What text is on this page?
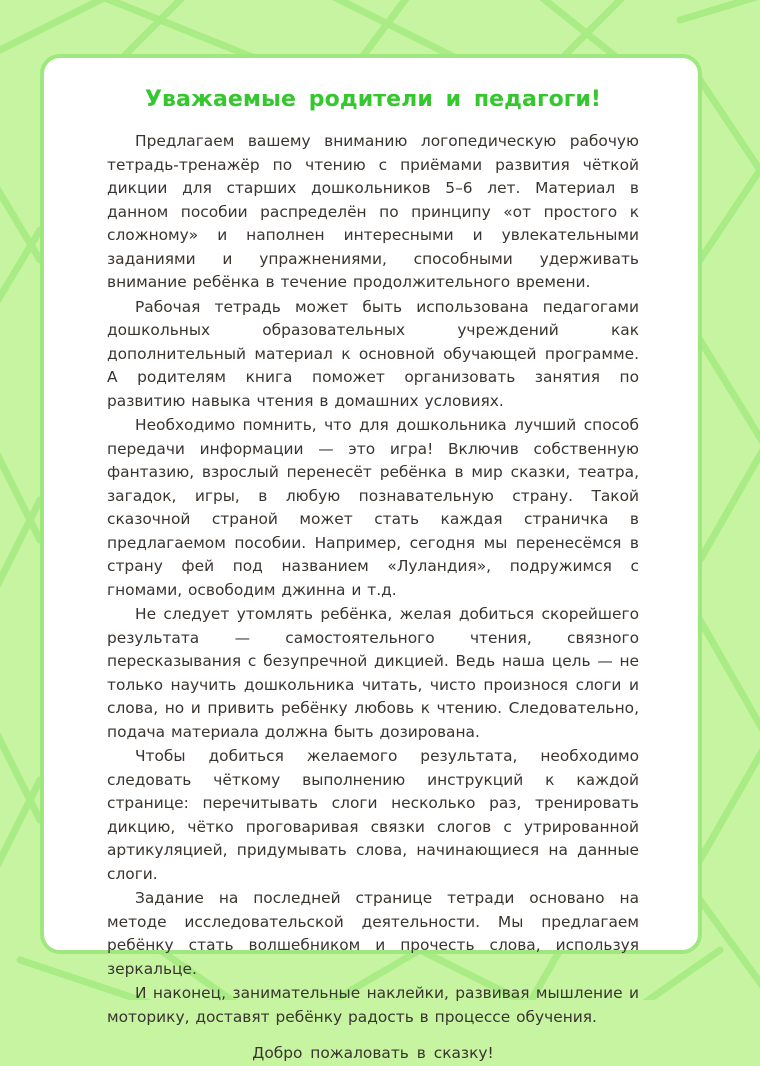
Уважаемые родители и педагоги!

Предлагаем вашему вниманию логопедическую рабочую тетрадь-тренажёр по чтению с приёмами развития чёткой дикции для старших дошкольников 5–6 лет. Материал в данном пособии распределён по принципу «от простого к сложному» и наполнен интересными и увлекательными заданиями и упражнениями, способными удерживать внимание ребёнка в течение продолжительного времени.

Рабочая тетрадь может быть использована педагогами дошкольных образовательных учреждений как дополнительный материал к основной обучающей программе. А родителям книга поможет организовать занятия по развитию навыка чтения в домашних условиях.

Необходимо помнить, что для дошкольника лучший способ передачи информации — это игра! Включив собственную фантазию, взрослый перенесёт ребёнка в мир сказки, театра, загадок, игры, в любую познавательную страну. Такой сказочной страной может стать каждая страничка в предлагаемом пособии. Например, сегодня мы перенесёмся в страну фей под названием «Луландия», подружимся с гномами, освободим джинна и т.д.

Не следует утомлять ребёнка, желая добиться скорейшего результата — самостоятельного чтения, связного пересказывания с безупречной дикцией. Ведь наша цель — не только научить дошкольника читать, чисто произнося слоги и слова, но и привить ребёнку любовь к чтению. Следовательно, подача материала должна быть дозирована.

Чтобы добиться желаемого результата, необходимо следовать чёткому выполнению инструкций к каждой странице: перечитывать слоги несколько раз, тренировать дикцию, чётко проговаривая связки слогов с утрированной артикуляцией, придумывать слова, начинающиеся на данные слоги.

Задание на последней странице тетради основано на методе исследовательской деятельности. Мы предлагаем ребёнку стать волшебником и прочесть слова, используя зеркальце.

И наконец, занимательные наклейки, развивая мышление и моторику, доставят ребёнку радость в процессе обучения.

Добро пожаловать в сказку!
